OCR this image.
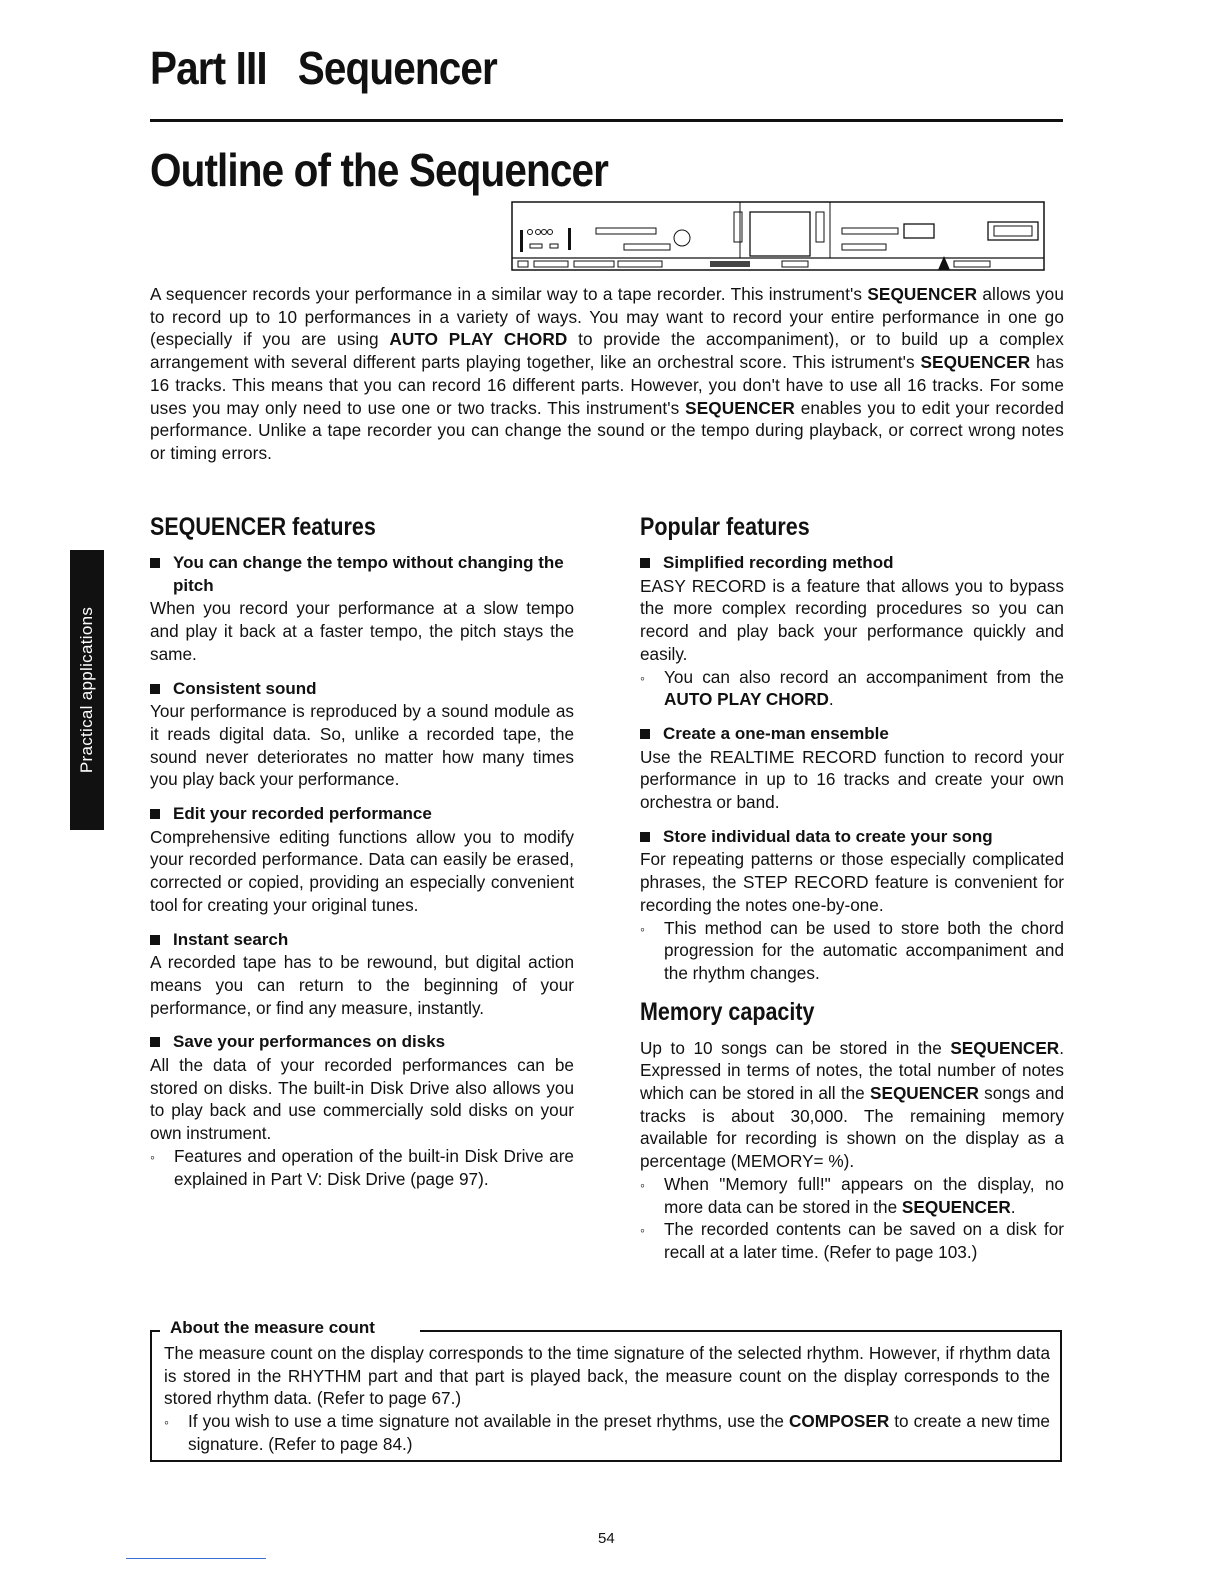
Part III Sequencer
Outline of the Sequencer

A sequencer records your performance in a similar way to a tape recorder. This instrument's SEQUENCER allows you to record up to 10 performances in a variety of ways. You may want to record your entire performance in one go (especially if you are using AUTO PLAY CHORD to provide the accompaniment), or to build up a complex arrangement with several different parts playing together, like an orchestral score. This istrument's SEQUENCER has 16 tracks. This means that you can record 16 different parts. However, you don't have to use all 16 tracks. For some uses you may only need to use one or two tracks. This instrument's SEQUENCER enables you to edit your recorded performance. Unlike a tape recorder you can change the sound or the tempo during playback, or correct wrong notes or timing errors.

Practical applications
SEQUENCER features
You can change the tempo without changing the pitch

When you record your performance at a slow tempo and play it back at a faster tempo, the pitch stays the same.

Consistent sound

Your performance is reproduced by a sound module as it reads digital data. So, unlike a recorded tape, the sound never deteriorates no matter how many times you play back your performance.

Edit your recorded performance

Comprehensive editing functions allow you to modify your recorded performance. Data can easily be erased, corrected or copied, providing an especially convenient tool for creating your original tunes.

Instant search

A recorded tape has to be rewound, but digital action means you can return to the beginning of your performance, or find any measure, instantly.

Save your performances on disks

All the data of your recorded performances can be stored on disks. The built-in Disk Drive also allows you to play back and use commercially sold disks on your own instrument.

◦
Features and operation of the built-in Disk Drive are explained in Part V: Disk Drive (page 97).
Popular features
Simplified recording method

EASY RECORD is a feature that allows you to bypass the more complex recording procedures so you can record and play back your performance quickly and easily.

◦
You can also record an accompaniment from the AUTO PLAY CHORD.
Create a one-man ensemble

Use the REALTIME RECORD function to record your performance in up to 16 tracks and create your own orchestra or band.

Store individual data to create your song

For repeating patterns or those especially complicated phrases, the STEP RECORD feature is convenient for recording the notes one-by-one.

◦
This method can be used to store both the chord progression for the automatic accompaniment and the rhythm changes.
Memory capacity

Up to 10 songs can be stored in the SEQUENCER. Expressed in terms of notes, the total number of notes which can be stored in all the SEQUENCER songs and tracks is about 30,000. The remaining memory available for recording is shown on the display as a percentage (MEMORY= %).

◦
When "Memory full!" appears on the display, no more data can be stored in the SEQUENCER.
◦
The recorded contents can be saved on a disk for recall at a later time. (Refer to page 103.)
About the measure count
The measure count on the display corresponds to the time signature of the selected rhythm. However, if rhythm data is stored in the RHYTHM part and that part is played back, the measure count on the display corresponds to the stored rhythm data. (Refer to page 67.)
◦
If you wish to use a time signature not available in the preset rhythms, use the COMPOSER to create a new time signature. (Refer to page 84.)
54
